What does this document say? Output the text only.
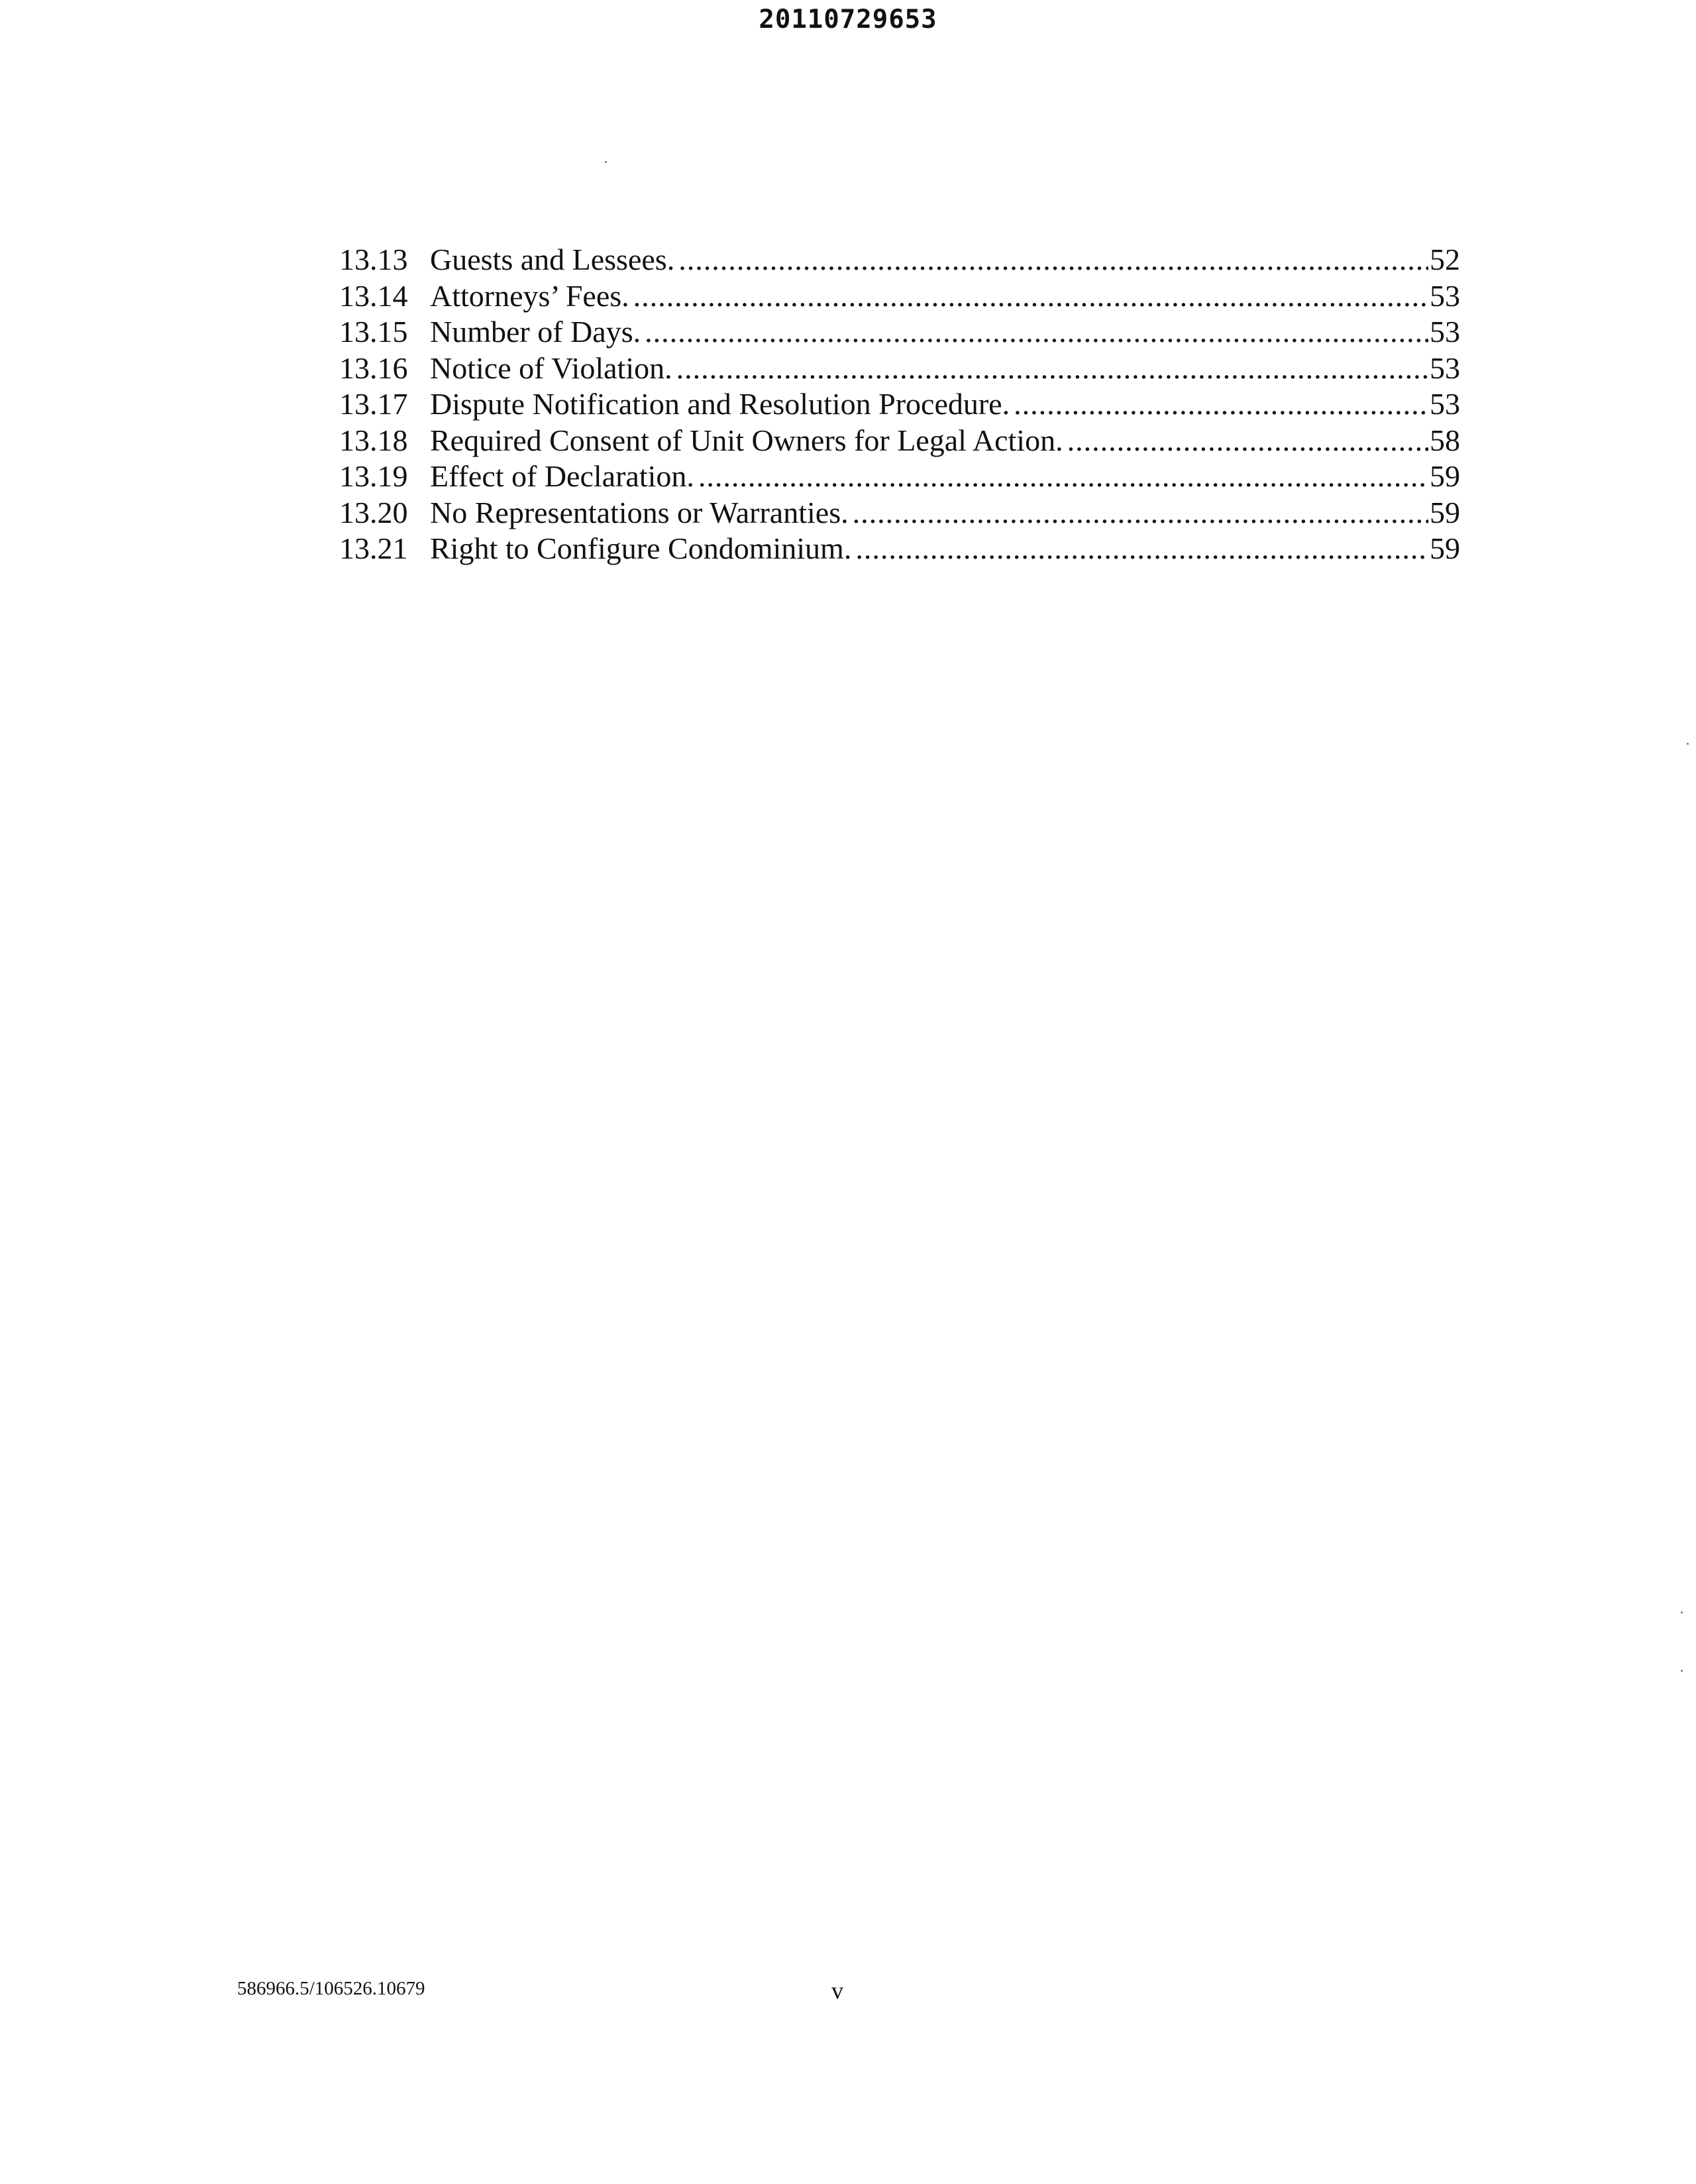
20110729653
13.13 Guests and Lessees. .....	52
13.14 Attorneys’ Fees. .....	53
13.15 Number of Days. .....	53
13.16 Notice of Violation. .....	53
13.17 Dispute Notification and Resolution Procedure. .....	53
13.18 Required Consent of Unit Owners for Legal Action. .....	58
13.19 Effect of Declaration. .....	59
13.20 No Representations or Warranties. .....	59
13.21 Right to Configure Condominium. .....	59
586966.5/106526.10679	v
